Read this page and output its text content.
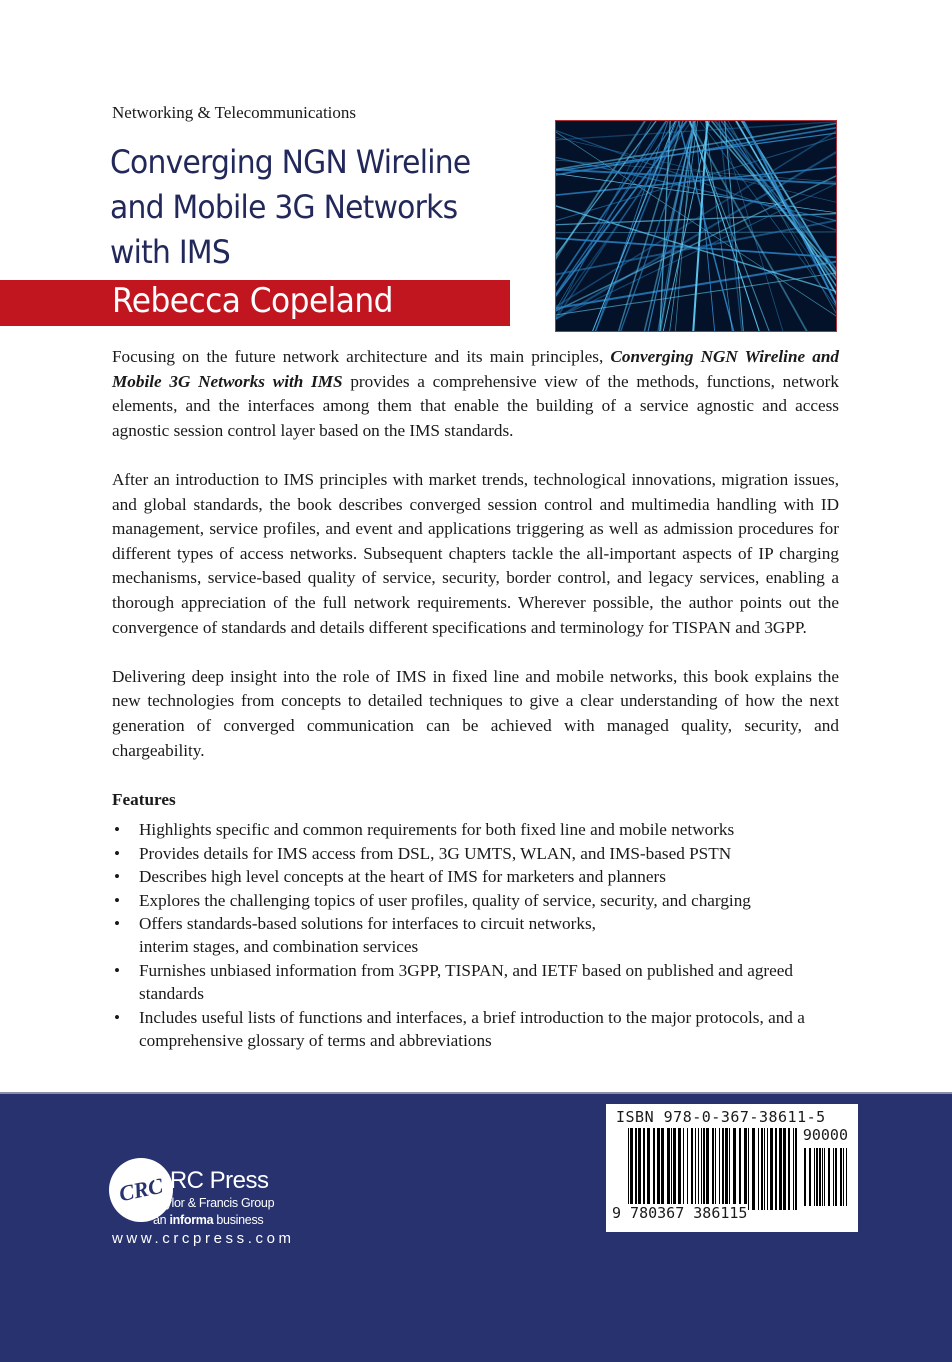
Networking & Telecommunications
Converging NGN Wireline
and Mobile 3G Networks
with IMS
Rebecca Copeland

Focusing on the future network architecture and its main principles, Converging NGN Wireline and Mobile 3G Networks with IMS provides a comprehensive view of the methods, functions, network elements, and the interfaces among them that enable the building of a service agnostic and access agnostic session control layer based on the IMS standards.

After an introduction to IMS principles with market trends, technological innovations, migration issues, and global standards, the book describes converged session control and multimedia handling with ID management, service profiles, and event and applications triggering as well as admission procedures for different types of access networks. Subsequent chapters tackle the all-important aspects of IP charging mechanisms, service-based quality of service, security, border control, and legacy services, enabling a thorough appreciation of the full network requirements. Wherever possible, the author points out the convergence of standards and details different specifications and terminology for TISPAN and 3GPP.

Delivering deep insight into the role of IMS in fixed line and mobile networks, this book explains the new technologies from concepts to detailed techniques to give a clear understanding of how the next generation of converged communication can be achieved with managed quality, security, and chargeability.

Features
• Highlights specific and common requirements for both fixed line and mobile networks
• Provides details for IMS access from DSL, 3G UMTS, WLAN, and IMS-based PSTN
• Describes high level concepts at the heart of IMS for marketers and planners
• Explores the challenging topics of user profiles, quality of service, security, and charging
• Offers standards-based solutions for interfaces to circuit networks, interim stages, and combination services
• Furnishes unbiased information from 3GPP, TISPAN, and IETF based on published and agreed standards
• Includes useful lists of functions and interfaces, a brief introduction to the major protocols, and a comprehensive glossary of terms and abbreviations
CRC
CRC Press
Taylor & Francis Group
an informa business
www.crcpress.com
ISBN 978-0-367-38611-5
90000
9 780367 386115
